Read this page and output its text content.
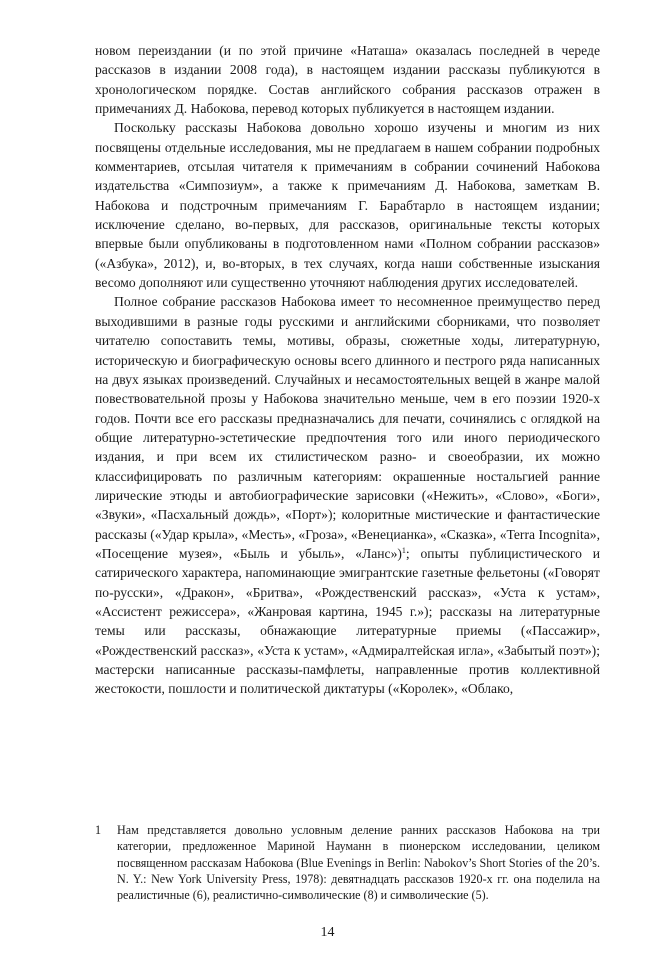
новом переиздании (и по этой причине «Наташа» оказалась последней в череде рассказов в издании 2008 года), в настоящем издании рассказы публикуются в хронологическом порядке. Состав английского собрания рассказов отражен в примечаниях Д. Набокова, перевод которых публикуется в настоящем издании.

Поскольку рассказы Набокова довольно хорошо изучены и многим из них посвящены отдельные исследования, мы не предлагаем в нашем собрании подробных комментариев, отсылая читателя к примечаниям в собрании сочинений Набокова издательства «Симпозиум», а также к примечаниям Д. Набокова, заметкам В. Набокова и подстрочным примечаниям Г. Барабтарло в настоящем издании; исключение сделано, во-первых, для рассказов, оригинальные тексты которых впервые были опубликованы в подготовленном нами «Полном собрании рассказов» («Азбука», 2012), и, во-вторых, в тех случаях, когда наши собственные изыскания весомо дополняют или существенно уточняют наблюдения других исследователей.

Полное собрание рассказов Набокова имеет то несомненное преимущество перед выходившими в разные годы русскими и английскими сборниками, что позволяет читателю сопоставить темы, мотивы, образы, сюжетные ходы, литературную, историческую и биографическую основы всего длинного и пестрого ряда написанных на двух языках произведений. Случайных и несамостоятельных вещей в жанре малой повествовательной прозы у Набокова значительно меньше, чем в его поэзии 1920-х годов. Почти все его рассказы предназначались для печати, сочинялись с оглядкой на общие литературно-эстетические предпочтения того или иного периодического издания, и при всем их стилистическом разно- и своеобразии, их можно классифицировать по различным категориям: окрашенные ностальгией ранние лирические этюды и автобиографические зарисовки («Нежить», «Слово», «Боги», «Звуки», «Пасхальный дождь», «Порт»); колоритные мистические и фантастические рассказы («Удар крыла», «Месть», «Гроза», «Венецианка», «Сказка», «Terra Incognita», «Посещение музея», «Быль и убыль», «Ланс»)$^1$; опыты публицистического и сатирического характера, напоминающие эмигрантские газетные фельетоны («Говорят по-русски», «Дракон», «Бритва», «Рождественский рассказ», «Уста к устам», «Ассистент режиссера», «Жанровая картина, 1945 г.»); рассказы на литературные темы или рассказы, обнажающие литературные приемы («Пассажир», «Рождественский рассказ», «Уста к устам», «Адмиралтейская игла», «Забытый поэт»); мастерски написанные рассказы-памфлеты, направленные против коллективной жестокости, пошлости и политической диктатуры («Королек», «Облако,

1 Нам представляется довольно условным деление ранних рассказов Набокова на три категории, предложенное Мариной Науманн в пионерском исследовании, целиком посвященном рассказам Набокова (Blue Evenings in Berlin: Nabokov’s Short Stories of the 20’s. N. Y.: New York University Press, 1978): девятнадцать рассказов 1920-х гг. она поделила на реалистичные (6), реалистично-символические (8) и символические (5).
14
